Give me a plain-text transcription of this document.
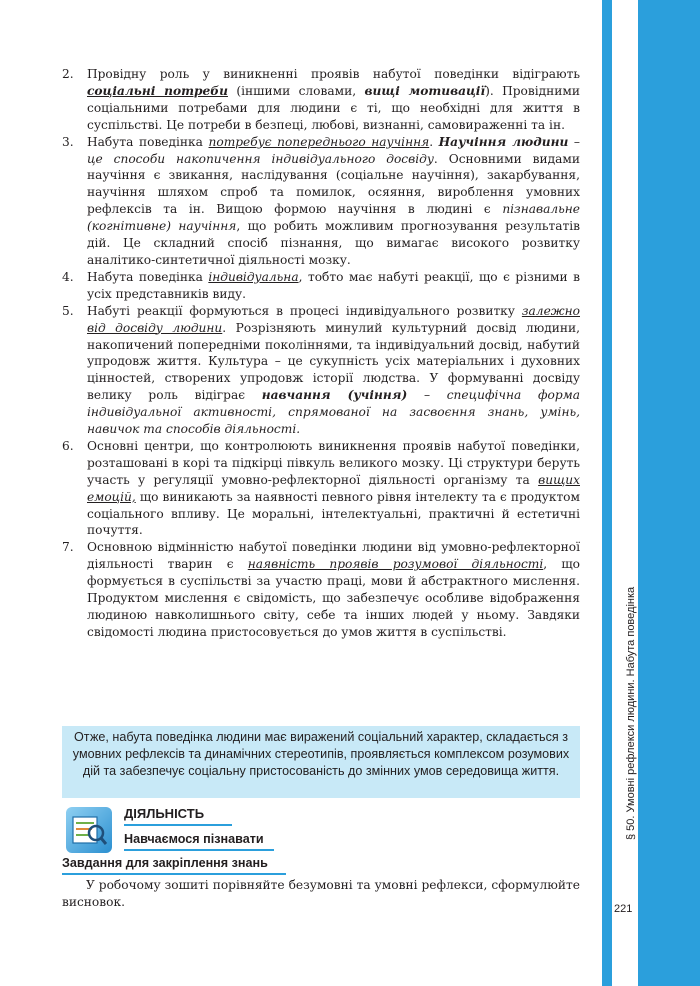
§ 50. Умовні рефлекси людини. Набута поведінка
221
2. Провідну роль у виникненні проявів набутої поведінки відіграють соціальні потреби (іншими словами, вищі мотивації). Провідними соціальними потребами для людини є ті, що необхідні для життя в суспільстві. Це потреби в безпеці, любові, визнанні, самовираженні та ін.
3. Набута поведінка потребує попереднього научіння. Научіння людини – це способи накопичення індивідуального досвіду. Основними видами научіння є звикання, наслідування (соціальне научіння), закарбування, научіння шляхом спроб та помилок, осяяння, вироблення умовних рефлексів та ін. Вищою формою научіння в людині є пізнавальне (когнітивне) научіння, що робить можливим прогнозування результатів дій. Це складний спосіб пізнання, що вимагає високого розвитку аналітико-синтетичної діяльності мозку.
4. Набута поведінка індивідуальна, тобто має набуті реакції, що є різними в усіх представників виду.
5. Набуті реакції формуються в процесі індивідуального розвитку залежно від досвіду людини. Розрізняють минулий культурний досвід людини, накопичений попередніми поколіннями, та індивідуальний досвід, набутий упродовж життя. Культура – це сукупність усіх матеріальних і духовних цінностей, створених упродовж історії людства. У формуванні досвіду велику роль відіграє навчання (учіння) – специфічна форма індивідуальної активності, спрямованої на засвоєння знань, умінь, навичок та способів діяльності.
6. Основні центри, що контролюють виникнення проявів набутої поведінки, розташовані в корі та підкірці півкуль великого мозку. Ці структури беруть участь у регуляції умовно-рефлекторної діяльності організму та вищих емоцій, що виникають за наявності певного рівня інтелекту та є продуктом соціального впливу. Це моральні, інтелектуальні, практичні й естетичні почуття.
7. Основною відмінністю набутої поведінки людини від умовно-рефлекторної діяльності тварин є наявність проявів розумової діяльності, що формується в суспільстві за участю праці, мови й абстрактного мислення. Продуктом мислення є свідомість, що забезпечує особливе відображення людиною навколишнього світу, себе та інших людей у ньому. Завдяки свідомості людина пристосовується до умов життя в суспільстві.
Отже, набута поведінка людини має виражений соціальний характер, складається з умовних рефлексів та динамічних стереотипів, проявляється комплексом розумових дій та забезпечує соціальну пристосованість до змінних умов середовища життя.
ДІЯЛЬНІСТЬ
Навчаємося пізнавати
Завдання для закріплення знань
У робочому зошиті порівняйте безумовні та умовні рефлекси, сформулюйте висновок.
